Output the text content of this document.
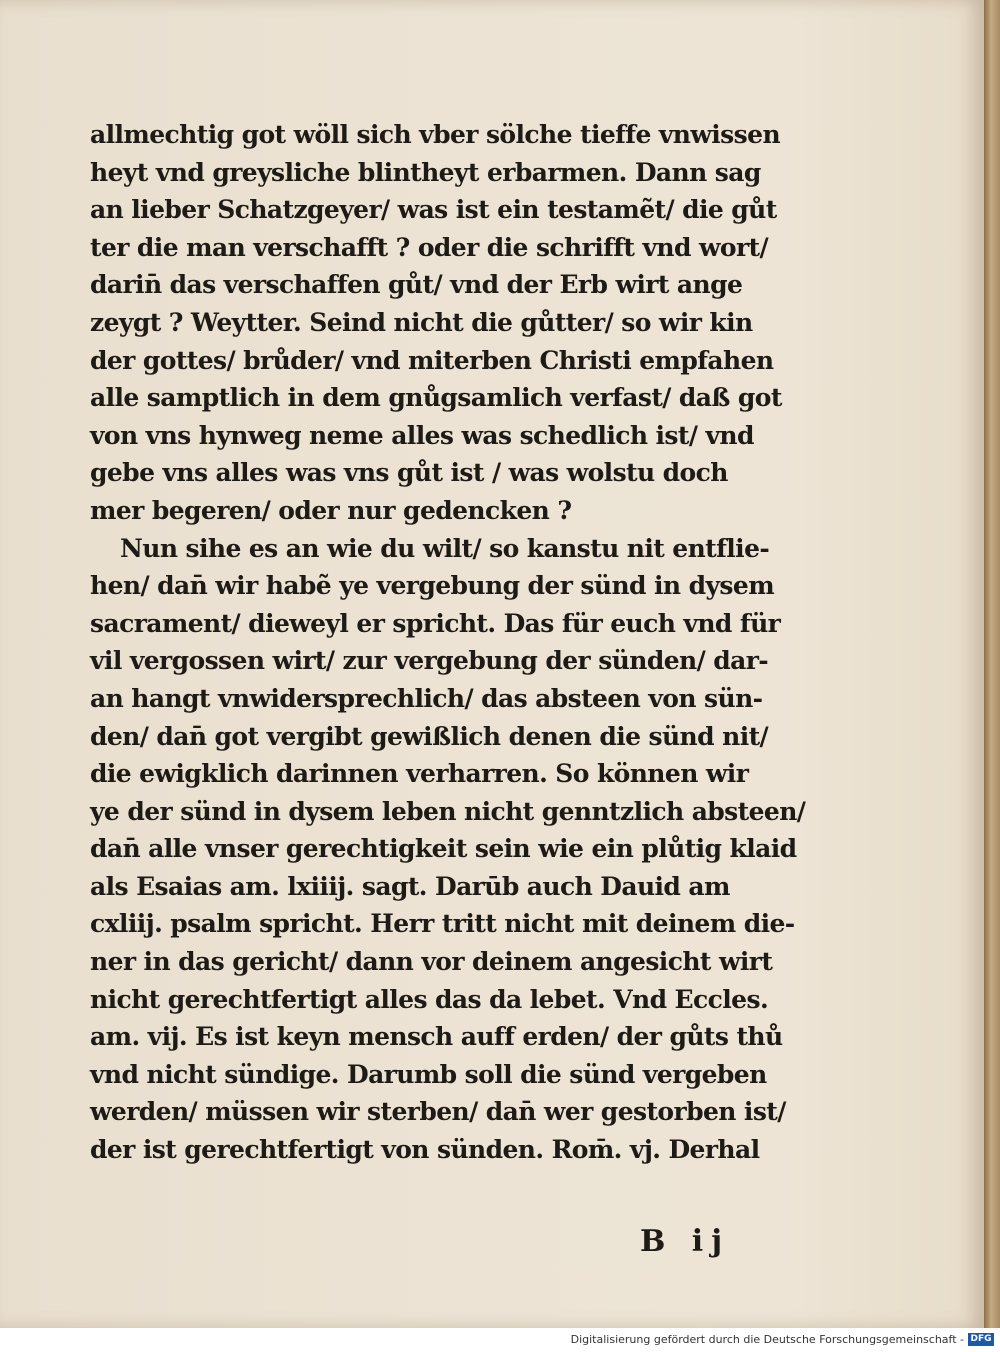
allmechtig got wöll sich vber sölche tieffe vnwissen
heyt vnd greysliche blintheyt erbarmen. Dann sag
an lieber Schatzgeyer/ was ist ein testamẽt/ die gůt
ter die man verschafft ? oder die schrifft vnd wort/
darin̄ das verschaffen gůt/ vnd der Erb wirt ange
zeygt ? Weytter. Seind nicht die gůtter/ so wir kin
der gottes/ brůder/ vnd miterben Christi empfahen
alle samptlich in dem gnůgsamlich verfast/ daß got
von vns hynweg neme alles was schedlich ist/ vnd
gebe vns alles was vns gůt ist / was wolstu doch
mer begeren/ oder nur gedencken ?
Nun sihe es an wie du wilt/ so kanstu nit entflie-
hen/ dan̄ wir habẽ ye vergebung der sünd in dysem
sacrament/ dieweyl er spricht. Das für euch vnd für
vil vergossen wirt/ zur vergebung der sünden/ dar-
an hangt vnwidersprechlich/ das absteen von sün-
den/ dan̄ got vergibt gewißlich denen die sünd nit/
die ewigklich darinnen verharren. So können wir
ye der sünd in dysem leben nicht genntzlich absteen/
dan̄ alle vnser gerechtigkeit sein wie ein plůtig klaid
als Esaias am. lxiiij. sagt. Darūb auch Dauid am
cxliij. psalm spricht. Herr tritt nicht mit deinem die-
ner in das gericht/ dann vor deinem angesicht wirt
nicht gerechtfertigt alles das da lebet. Vnd Eccles.
am. vij. Es ist keyn mensch auff erden/ der gůts thů
vnd nicht sündige. Darumb soll die sünd vergeben
werden/ müssen wir sterben/ dan̄ wer gestorben ist/
der ist gerechtfertigt von sünden. Rom̄. vj. Derhal
B ij
Digitalisierung gefördert durch die Deutsche Forschungsgemeinschaft - DFG
